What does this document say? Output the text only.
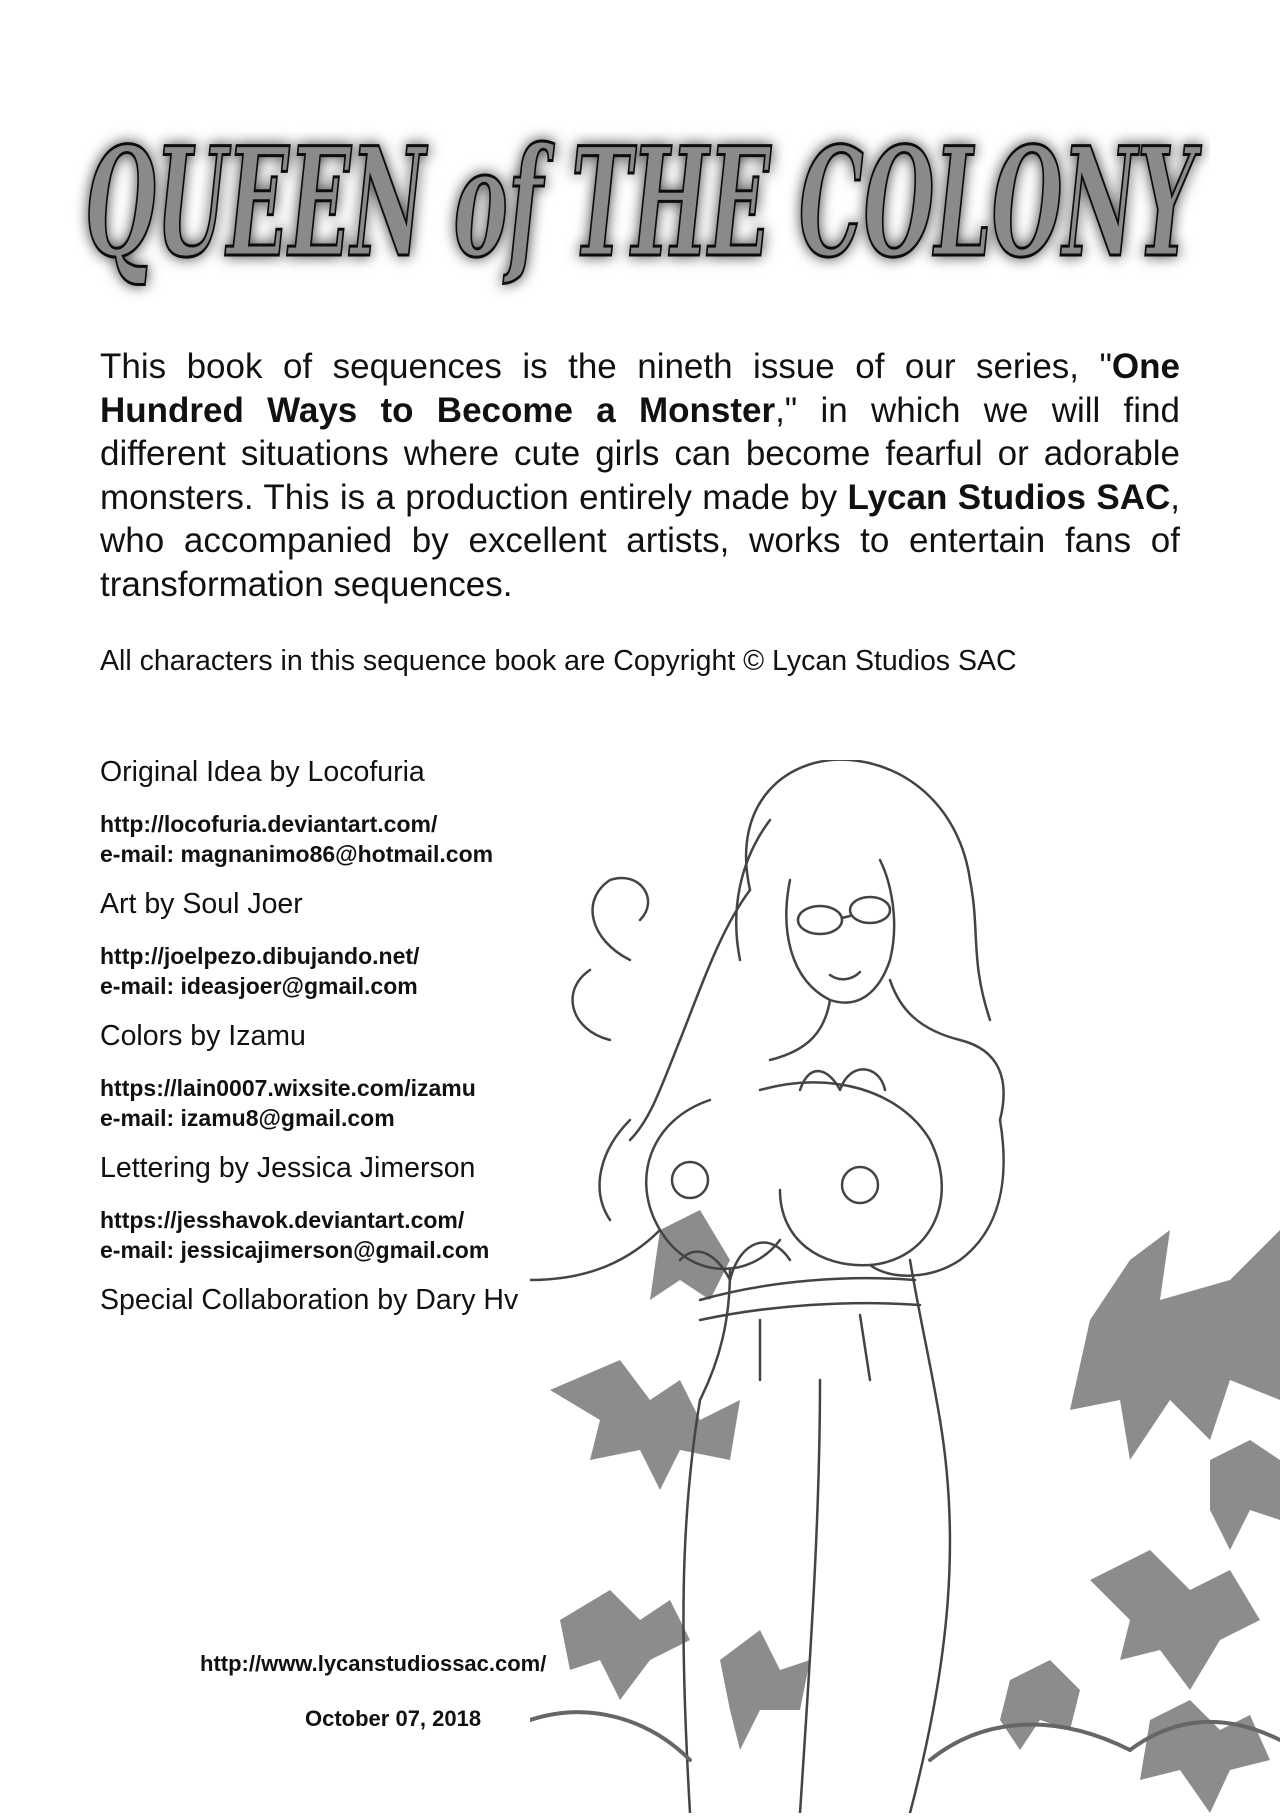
QUEEN of THE COLONY

This book of sequences is the nineth issue of our series, "One Hundred Ways to Become a Monster," in which we will find different situations where cute girls can become fearful or adorable monsters. This is a production entirely made by Lycan Studios SAC, who accompanied by excellent artists, works to entertain fans of transformation sequences.

All characters in this sequence book are Copyright © Lycan Studios SAC

Original Idea by Locofuria

http://locofuria.deviantart.com/

e-mail: magnanimo86@hotmail.com

Art by Soul Joer

http://joelpezo.dibujando.net/

e-mail: ideasjoer@gmail.com

Colors by Izamu

https://lain0007.wixsite.com/izamu

e-mail: izamu8@gmail.com

Lettering by Jessica Jimerson

https://jesshavok.deviantart.com/

e-mail: jessicajimerson@gmail.com

Special Collaboration by Dary Hv

http://www.lycanstudiossac.com/
October 07, 2018
